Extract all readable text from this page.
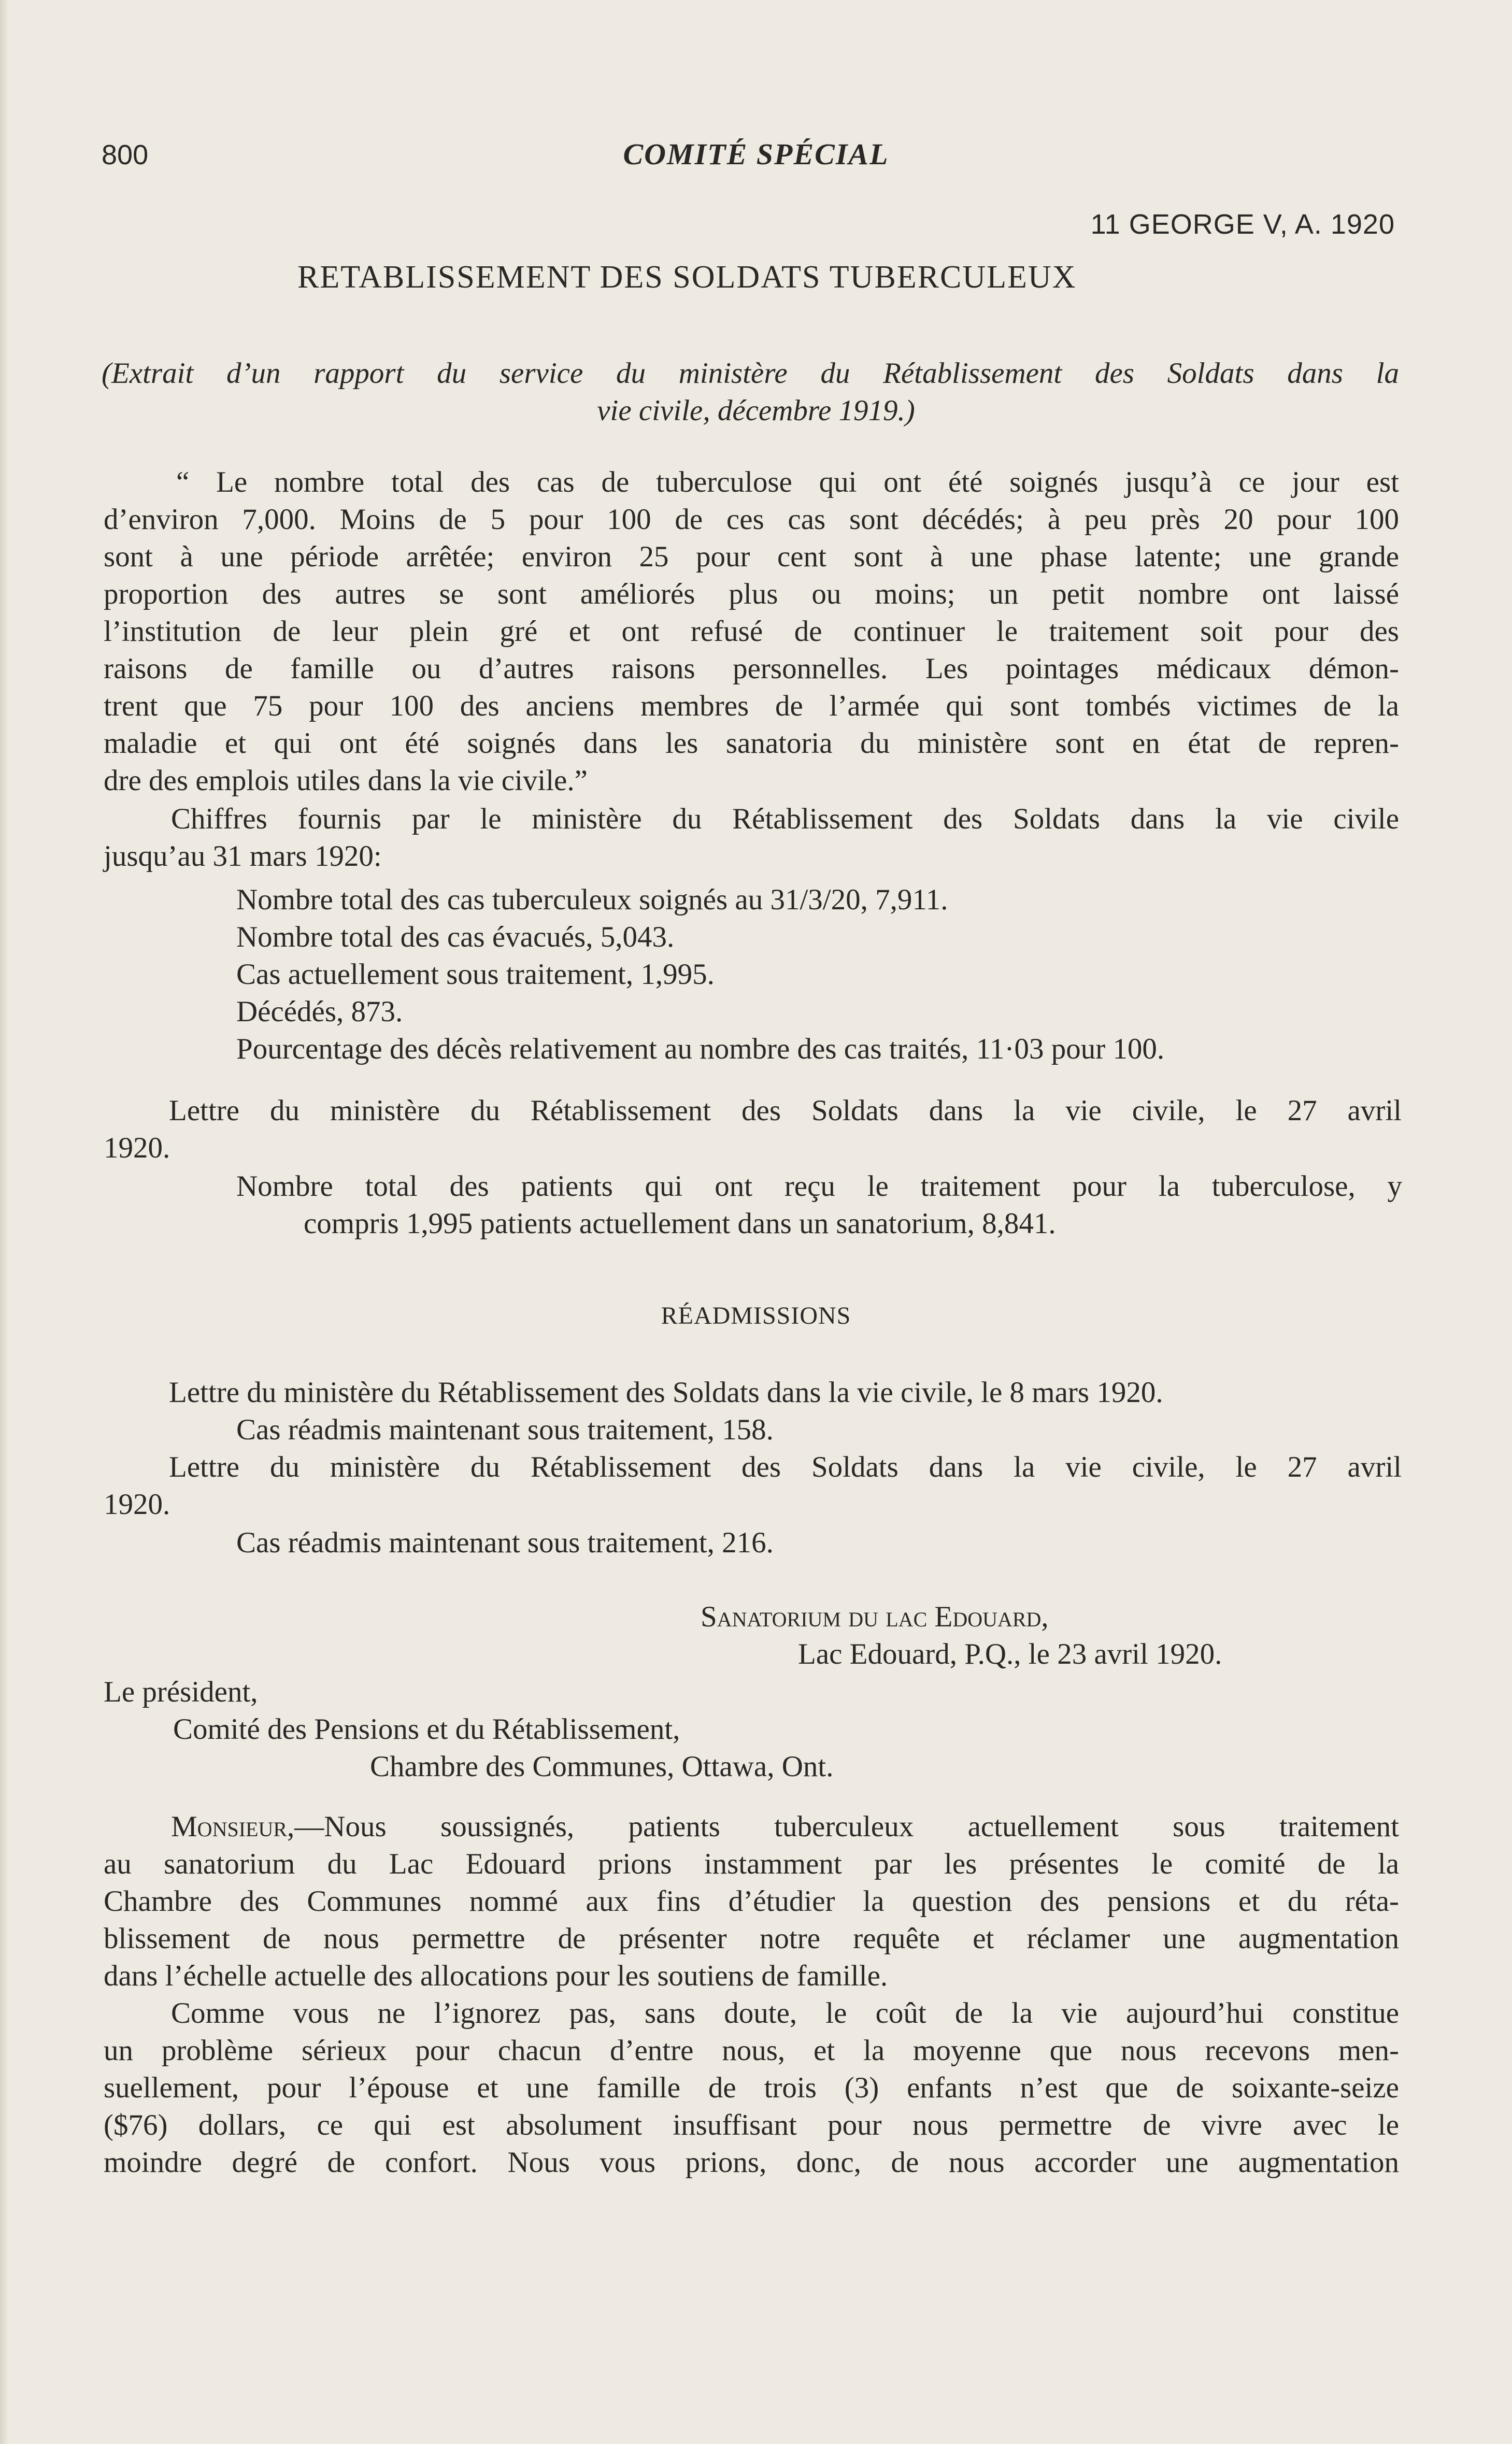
800	COMITÉ SPÉCIAL
11 GEORGE V, A. 1920
RETABLISSEMENT DES SOLDATS TUBERCULEUX
(Extrait d’un rapport du service du ministère du Rétablissement des Soldats dans la
vie civile, décembre 1919.)
“ Le nombre total des cas de tuberculose qui ont été soignés jusqu’à ce jour est
d’environ 7,000. Moins de 5 pour 100 de ces cas sont décédés; à peu près 20 pour 100
sont à une période arrêtée; environ 25 pour cent sont à une phase latente; une grande
proportion des autres se sont améliorés plus ou moins; un petit nombre ont laissé
l’institution de leur plein gré et ont refusé de continuer le traitement soit pour des
raisons de famille ou d’autres raisons personnelles. Les pointages médicaux démon-
trent que 75 pour 100 des anciens membres de l’armée qui sont tombés victimes de la
maladie et qui ont été soignés dans les sanatoria du ministère sont en état de repren-
dre des emplois utiles dans la vie civile.”
Chiffres fournis par le ministère du Rétablissement des Soldats dans la vie civile
jusqu’au 31 mars 1920:
Nombre total des cas tuberculeux soignés au 31/3/20, 7,911.
Nombre total des cas évacués, 5,043.
Cas actuellement sous traitement, 1,995.
Décédés, 873.
Pourcentage des décès relativement au nombre des cas traités, 11·03 pour 100.
Lettre du ministère du Rétablissement des Soldats dans la vie civile, le 27 avril
1920.
Nombre total des patients qui ont reçu le traitement pour la tuberculose, y
compris 1,995 patients actuellement dans un sanatorium, 8,841.
RÉADMISSIONS
Lettre du ministère du Rétablissement des Soldats dans la vie civile, le 8 mars 1920.
Cas réadmis maintenant sous traitement, 158.
Lettre du ministère du Rétablissement des Soldats dans la vie civile, le 27 avril
1920.
Cas réadmis maintenant sous traitement, 216.
Sanatorium du lac Edouard,
Lac Edouard, P.Q., le 23 avril 1920.
Le président,
Comité des Pensions et du Rétablissement,
Chambre des Communes, Ottawa, Ont.
Monsieur,—Nous soussignés, patients tuberculeux actuellement sous traitement
au sanatorium du Lac Edouard prions instamment par les présentes le comité de la
Chambre des Communes nommé aux fins d’étudier la question des pensions et du réta-
blissement de nous permettre de présenter notre requête et réclamer une augmentation
dans l’échelle actuelle des allocations pour les soutiens de famille.
Comme vous ne l’ignorez pas, sans doute, le coût de la vie aujourd’hui constitue
un problème sérieux pour chacun d’entre nous, et la moyenne que nous recevons men-
suellement, pour l’épouse et une famille de trois (3) enfants n’est que de soixante-seize
($76) dollars, ce qui est absolument insuffisant pour nous permettre de vivre avec le
moindre degré de confort. Nous vous prions, donc, de nous accorder une augmentation
